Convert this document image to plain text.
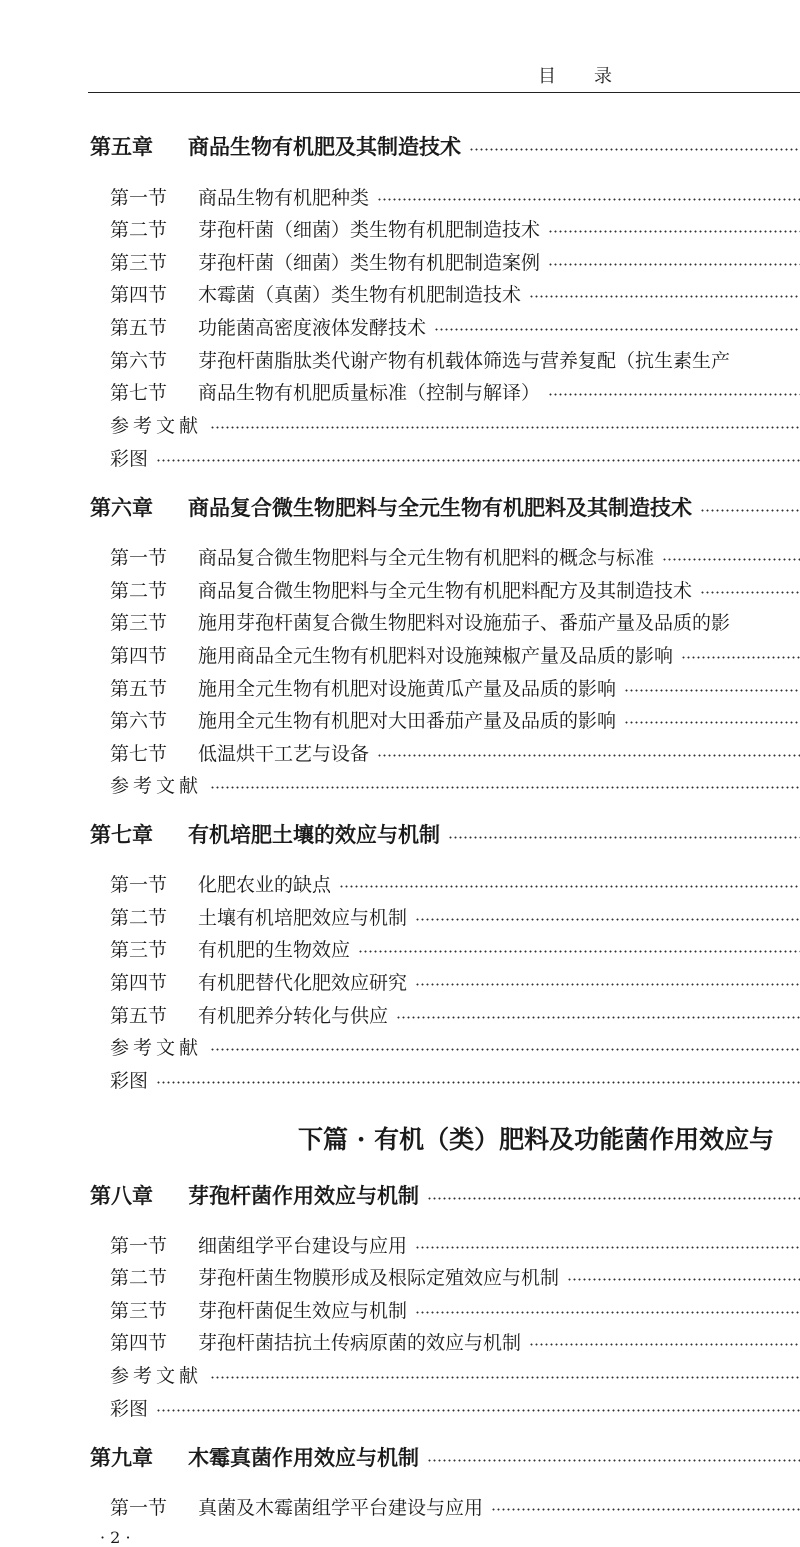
目录
第五章	商品生物有机肥及其制造技术
第一节	商品生物有机肥种类
第二节	芽孢杆菌（细菌）类生物有机肥制造技术
第三节	芽孢杆菌（细菌）类生物有机肥制造案例
第四节	木霉菌（真菌）类生物有机肥制造技术
第五节	功能菌高密度液体发酵技术
第六节	芽孢杆菌脂肽类代谢产物有机载体筛选与营养复配（抗生素生产
第七节	商品生物有机肥质量标准（控制与解译）
参考文献
彩图
第六章	商品复合微生物肥料与全元生物有机肥料及其制造技术
第一节	商品复合微生物肥料与全元生物有机肥料的概念与标准
第二节	商品复合微生物肥料与全元生物有机肥料配方及其制造技术
第三节	施用芽孢杆菌复合微生物肥料对设施茄子、番茄产量及品质的影
第四节	施用商品全元生物有机肥料对设施辣椒产量及品质的影响
第五节	施用全元生物有机肥对设施黄瓜产量及品质的影响
第六节	施用全元生物有机肥对大田番茄产量及品质的影响
第七节	低温烘干工艺与设备
参考文献
第七章	有机培肥土壤的效应与机制
第一节	化肥农业的缺点
第二节	土壤有机培肥效应与机制
第三节	有机肥的生物效应
第四节	有机肥替代化肥效应研究
第五节	有机肥养分转化与供应
参考文献
彩图
下篇 · 有机（类）肥料及功能菌作用效应与
第八章	芽孢杆菌作用效应与机制
第一节	细菌组学平台建设与应用
第二节	芽孢杆菌生物膜形成及根际定殖效应与机制
第三节	芽孢杆菌促生效应与机制
第四节	芽孢杆菌拮抗土传病原菌的效应与机制
参考文献
彩图
第九章	木霉真菌作用效应与机制
第一节	真菌及木霉菌组学平台建设与应用
· 2 ·
